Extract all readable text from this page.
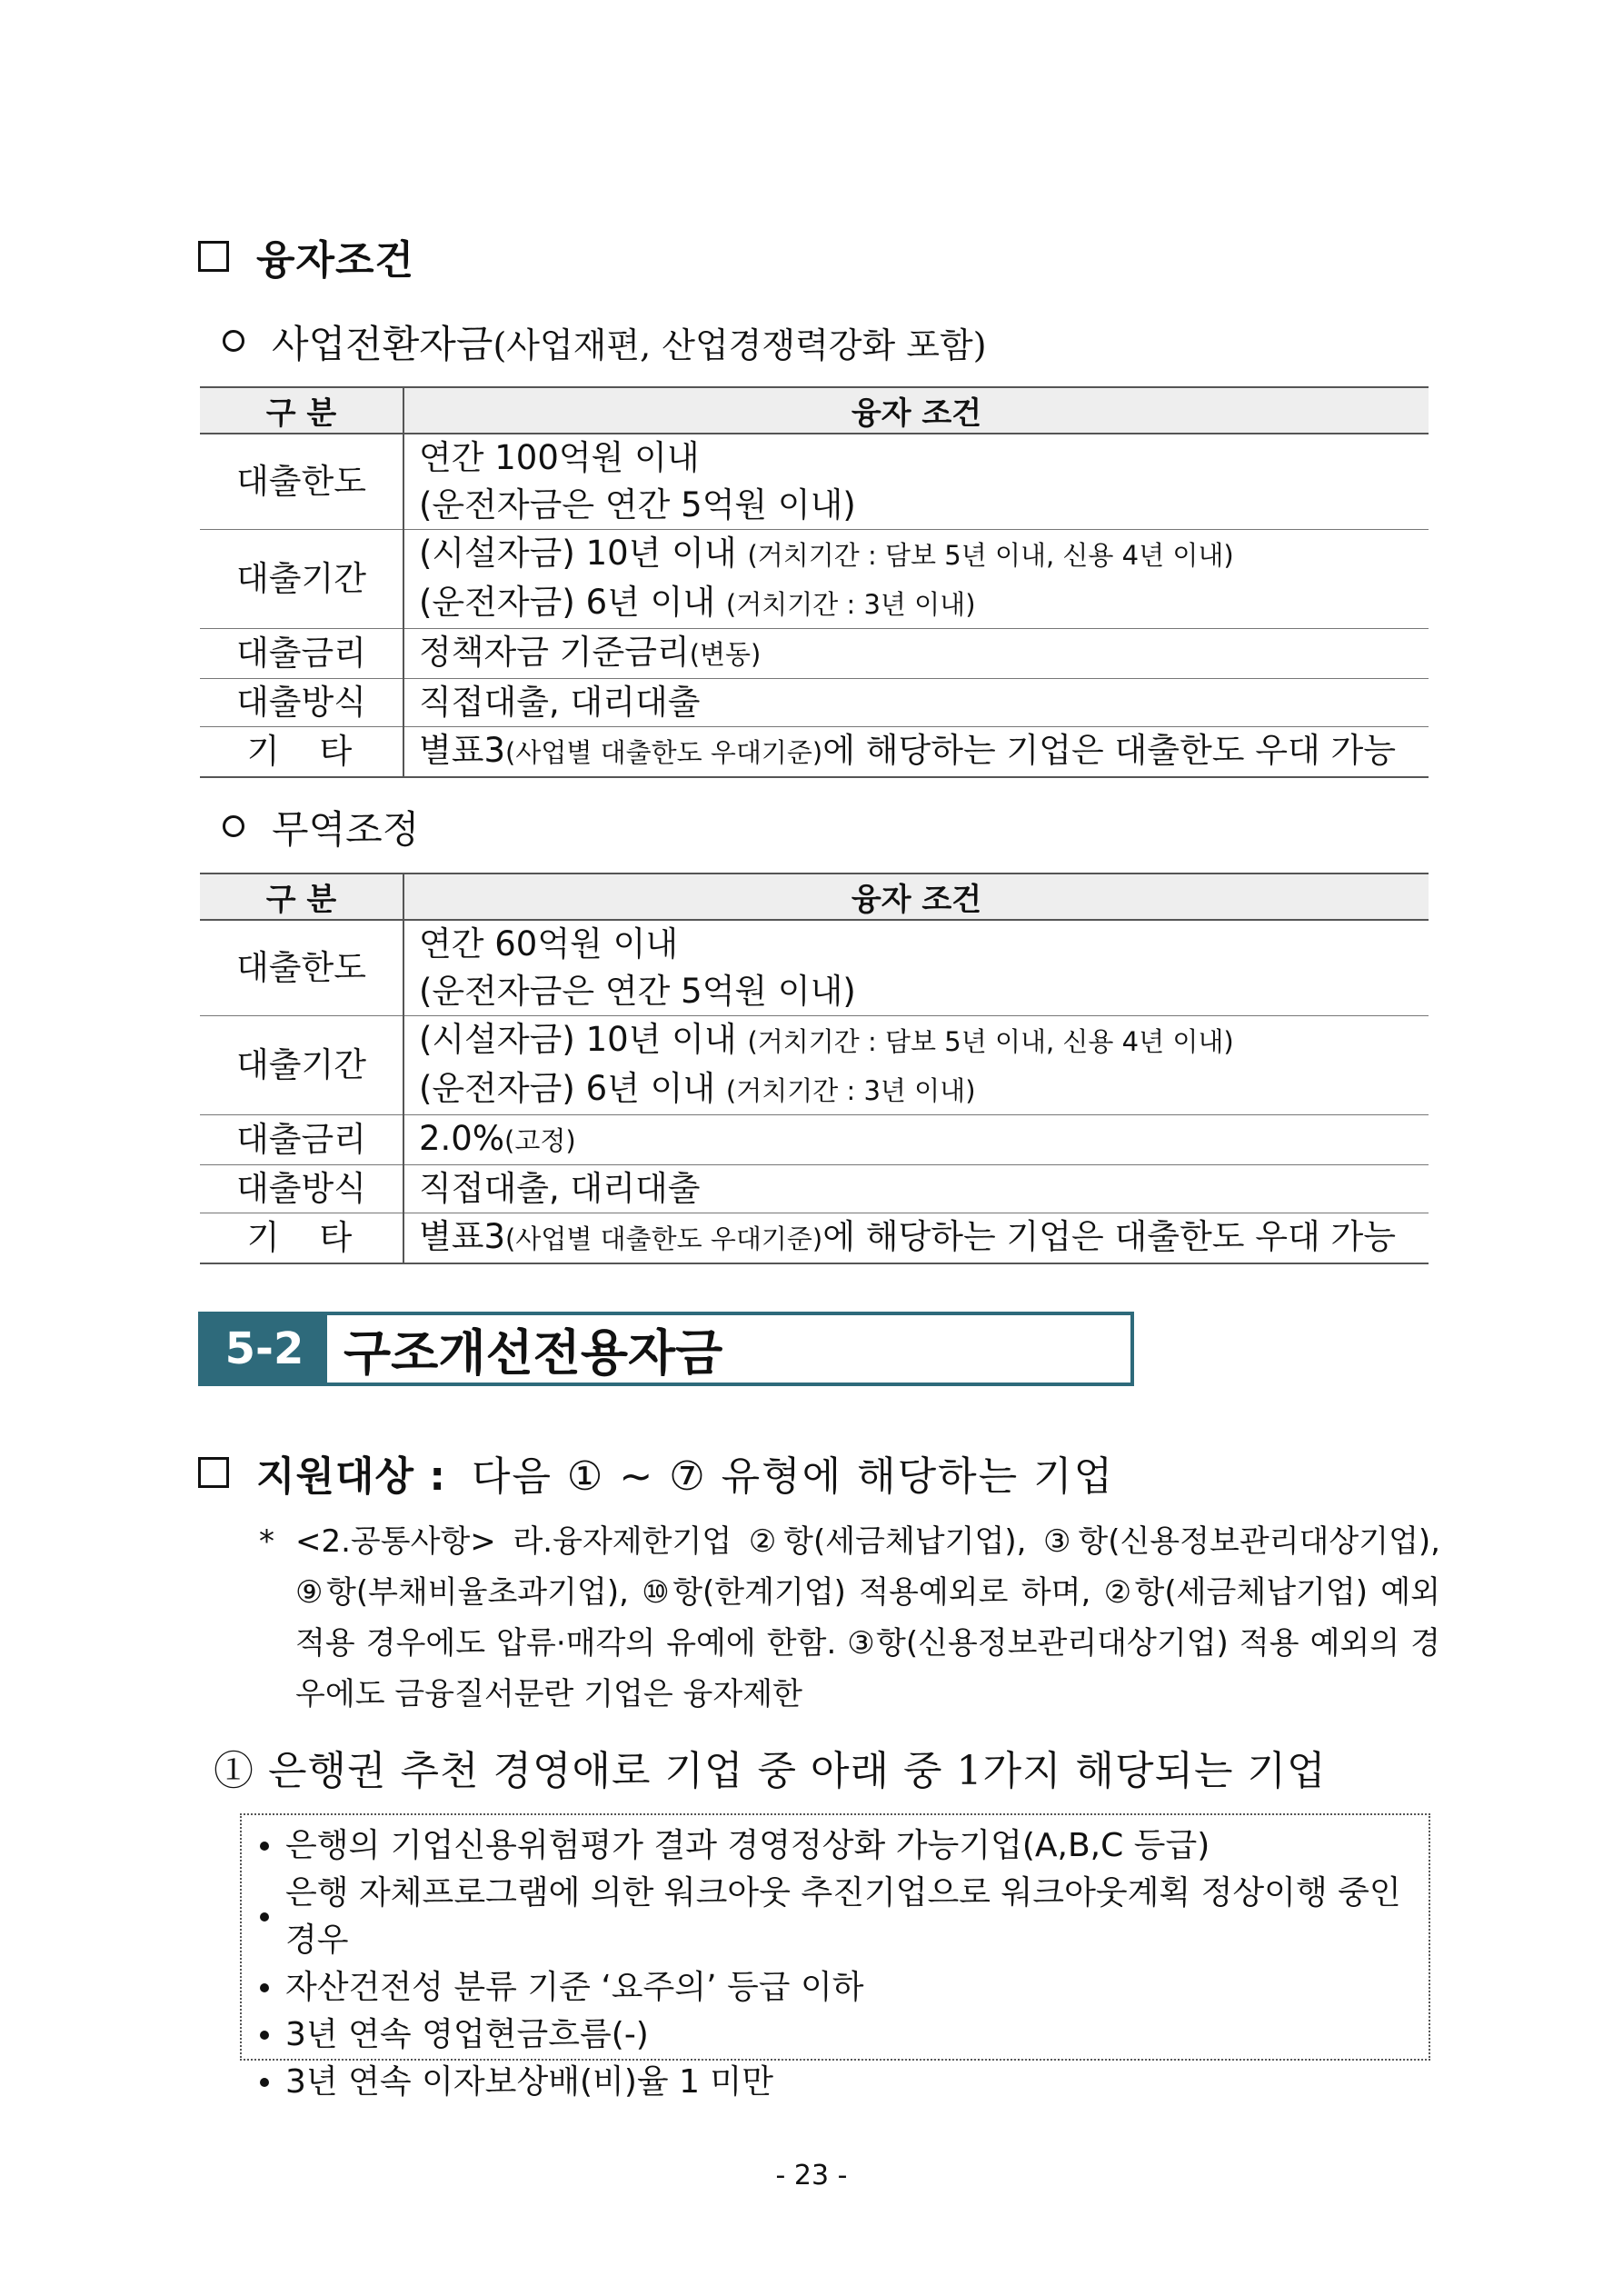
융자조건
사업전환자금 (사업재편, 산업경쟁력강화 포함)
구 분	융자 조건
대출한도	연간 100억원 이내
(운전자금은 연간 5억원 이내)

대출기간	(시설자금) 10년 이내 (거치기간 : 담보 5년 이내, 신용 4년 이내)
(운전자금) 6년 이내 (거치기간 : 3년 이내)

대출금리	정책자금 기준금리(변동)
대출방식	직접대출, 대리대출
기타	별표3(사업별 대출한도 우대기준)에 해당하는 기업은 대출한도 우대 가능
무역조정
구 분	융자 조건
대출한도	연간 60억원 이내
(운전자금은 연간 5억원 이내)

대출기간	(시설자금) 10년 이내 (거치기간 : 담보 5년 이내, 신용 4년 이내)
(운전자금) 6년 이내 (거치기간 : 3년 이내)

대출금리	2.0%(고정)
대출방식	직접대출, 대리대출
기타	별표3(사업별 대출한도 우대기준)에 해당하는 기업은 대출한도 우대 가능
5-2 구조개선전용자금
지원대상 : 다음 ① ~ ⑦ 유형에 해당하는 기업
* <2.공통사항> 라.융자제한기업 ②항(세금체납기업), ③항(신용정보관리대상기업), ⑨항(부채비율초과기업), ⑩항(한계기업) 적용예외로 하며, ②항(세금체납기업) 예외적용 경우에도 압류·매각의 유예에 한함. ③항(신용정보관리대상기업) 적용 예외의 경우에도 금융질서문란 기업은 융자제한
① 은행권 추천 경영애로 기업 중 아래 중 1가지 해당되는 기업
은행의 기업신용위험평가 결과 경영정상화 가능기업(A,B,C 등급)
은행 자체프로그램에 의한 워크아웃 추진기업으로 워크아웃계획 정상이행 중인 경우
자산건전성 분류 기준 ‘요주의’ 등급 이하
3년 연속 영업현금흐름(-)
3년 연속 이자보상배(비)율 1 미만
- 23 -
